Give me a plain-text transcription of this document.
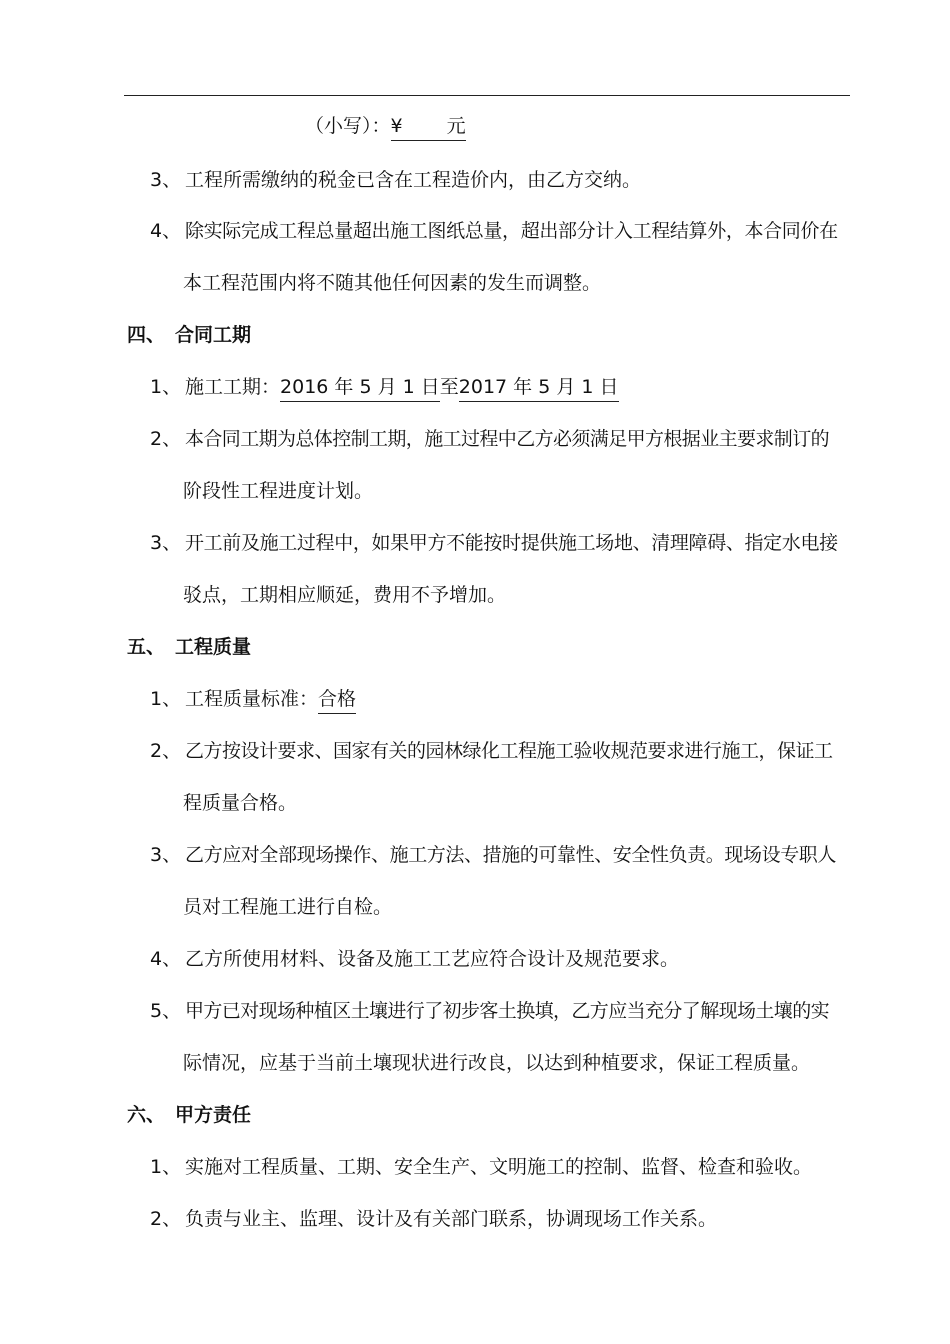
（小写）：¥ 元
3、 工程所需缴纳的税金已含在工程造价内，由乙方交纳。
4、 除实际完成工程总量超出施工图纸总量，超出部分计入工程结算外，本合同价在
本工程范围内将不随其他任何因素的发生而调整。
四、 合同工期
1、 施工工期：2016 年 5 月 1 日至2017 年 5 月 1 日
2、 本合同工期为总体控制工期，施工过程中乙方必须满足甲方根据业主要求制订的
阶段性工程进度计划。
3、 开工前及施工过程中，如果甲方不能按时提供施工场地、清理障碍、指定水电接
驳点，工期相应顺延，费用不予增加。
五、 工程质量
1、 工程质量标准：合格
2、 乙方按设计要求、国家有关的园林绿化工程施工验收规范要求进行施工，保证工
程质量合格。
3、 乙方应对全部现场操作、施工方法、措施的可靠性、安全性负责。现场设专职人
员对工程施工进行自检。
4、 乙方所使用材料、设备及施工工艺应符合设计及规范要求。
5、 甲方已对现场种植区土壤进行了初步客土换填，乙方应当充分了解现场土壤的实
际情况，应基于当前土壤现状进行改良，以达到种植要求，保证工程质量。
六、 甲方责任
1、 实施对工程质量、工期、安全生产、文明施工的控制、监督、检查和验收。
2、 负责与业主、监理、设计及有关部门联系，协调现场工作关系。
